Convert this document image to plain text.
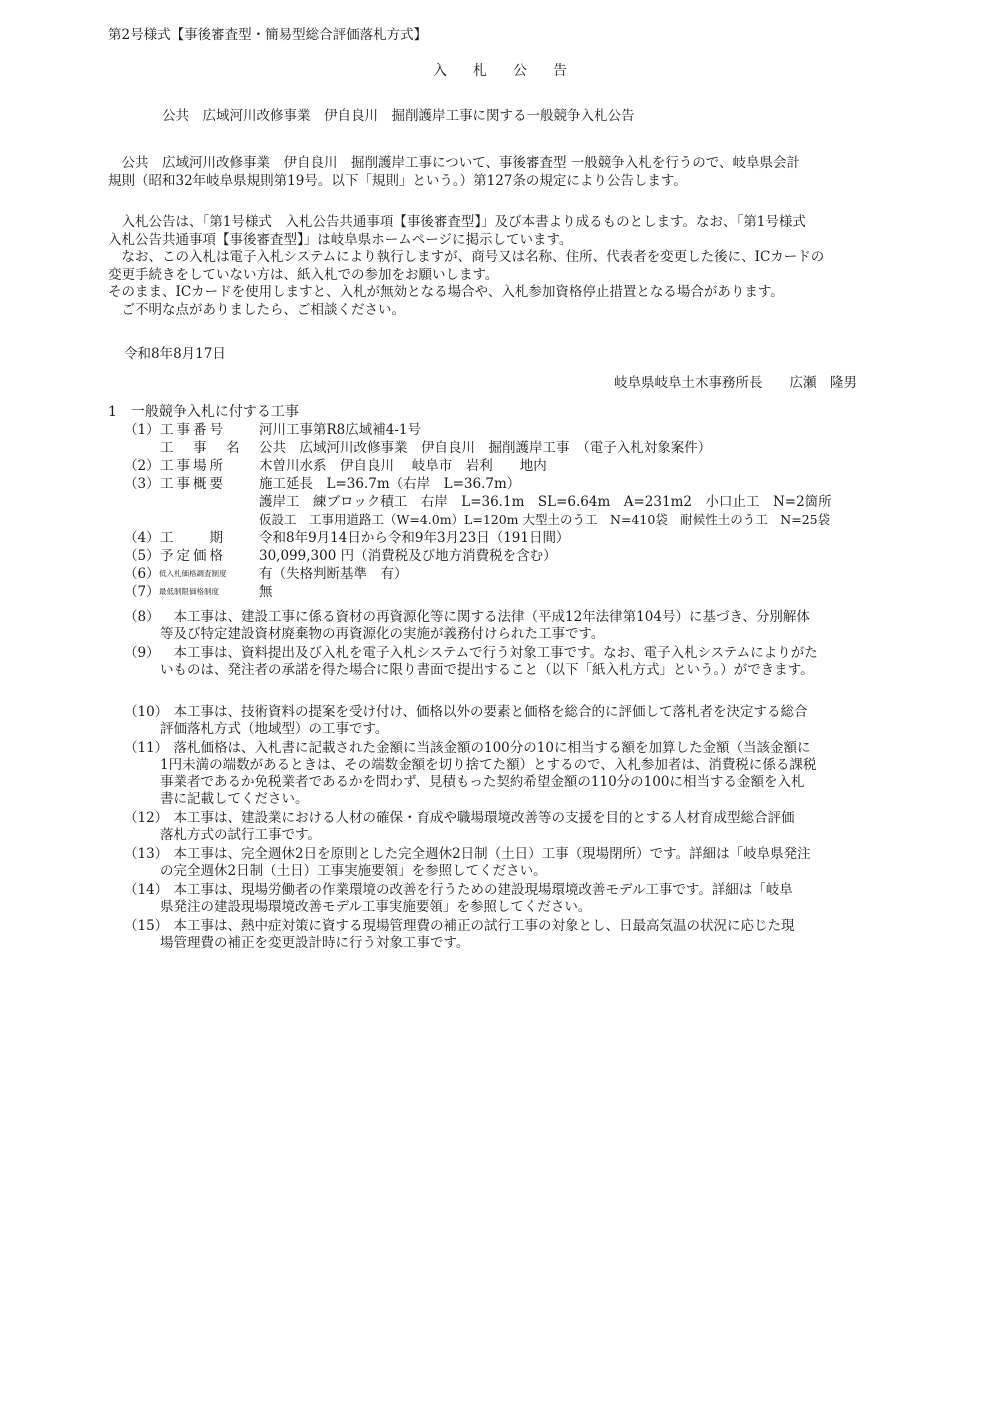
第2号様式【事後審査型・簡易型総合評価落札方式】
入札公告
公共　広域河川改修事業　伊自良川　掘削護岸工事に関する一般競争入札公告
　公共　広域河川改修事業　伊自良川　掘削護岸工事について、事後審査型 一般競争入札を行うので、岐阜県会計
規則（昭和32年岐阜県規則第19号。以下「規則」という。）第127条の規定により公告します。
　入札公告は、「第1号様式　入札公告共通事項【事後審査型】」及び本書より成るものとします。なお、「第1号様式
入札公告共通事項【事後審査型】」は岐阜県ホームページに掲示しています。
　なお、この入札は電子入札システムにより執行しますが、商号又は名称、住所、代表者を変更した後に、ICカードの
変更手続きをしていない方は、紙入札での参加をお願いします。
そのまま、ICカードを使用しますと、入札が無効となる場合や、入札参加資格停止措置となる場合があります。
　ご不明な点がありましたら、ご相談ください。
令和8年8月17日
岐阜県岐阜土木事務所長　　広瀬　隆男
1　一般競争入札に付する工事
（1） 工事番号 河川工事第R8広域補4-1号
工　事　名 公共　広域河川改修事業　伊自良川　掘削護岸工事　（電子入札対象案件）
（2） 工事場所 木曽川水系　伊自良川　 岐阜市　岩利　　地内
（3） 工事概要 施工延長　L=36.7m（右岸　L=36.7m）
護岸工　練ブロック積工　右岸　L=36.1m　SL=6.64m　A=231m2　小口止工　N=2箇所
仮設工　工事用道路工（W=4.0m）L=120m 大型土のう工　N=410袋　耐候性土のう工　N=25袋
（4） 工　　期 令和8年9月14日から令和9年3月23日（191日間）
（5） 予定価格 30,099,300 円（消費税及び地方消費税を含む）
（6） 低入札価格調査制度 有（失格判断基準　有）
（7） 最低制限価格制度	無
（8） 　本工事は、建設工事に係る資材の再資源化等に関する法律（平成12年法律第104号）に基づき、分別解体
等及び特定建設資材廃棄物の再資源化の実施が義務付けられた工事です。
（9） 　本工事は、資料提出及び入札を電子入札システムで行う対象工事です。なお、電子入札システムによりがた
いものは、発注者の承諾を得た場合に限り書面で提出すること（以下「紙入札方式」という。）ができます。
（10）
　本工事は、技術資料の提案を受け付け、価格以外の要素と価格を総合的に評価して落札者を決定する総合
評価落札方式（地域型）の工事です。
（11）
　落札価格は、入札書に記載された金額に当該金額の100分の10に相当する額を加算した金額（当該金額に
1円未満の端数があるときは、その端数金額を切り捨てた額）とするので、入札参加者は、消費税に係る課税
事業者であるか免税業者であるかを問わず、見積もった契約希望金額の110分の100に相当する金額を入札
書に記載してください。
（12）
　本工事は、建設業における人材の確保・育成や職場環境改善等の支援を目的とする人材育成型総合評価
落札方式の試行工事です。
（13）
　本工事は、完全週休2日を原則とした完全週休2日制（土日）工事（現場閉所）です。詳細は「岐阜県発注
の完全週休2日制（土日）工事実施要領」を参照してください。
（14）
　本工事は、現場労働者の作業環境の改善を行うための建設現場環境改善モデル工事です。詳細は「岐阜
県発注の建設現場環境改善モデル工事実施要領」を参照してください。
（15）
　本工事は、熱中症対策に資する現場管理費の補正の試行工事の対象とし、日最高気温の状況に応じた現
場管理費の補正を変更設計時に行う対象工事です。
